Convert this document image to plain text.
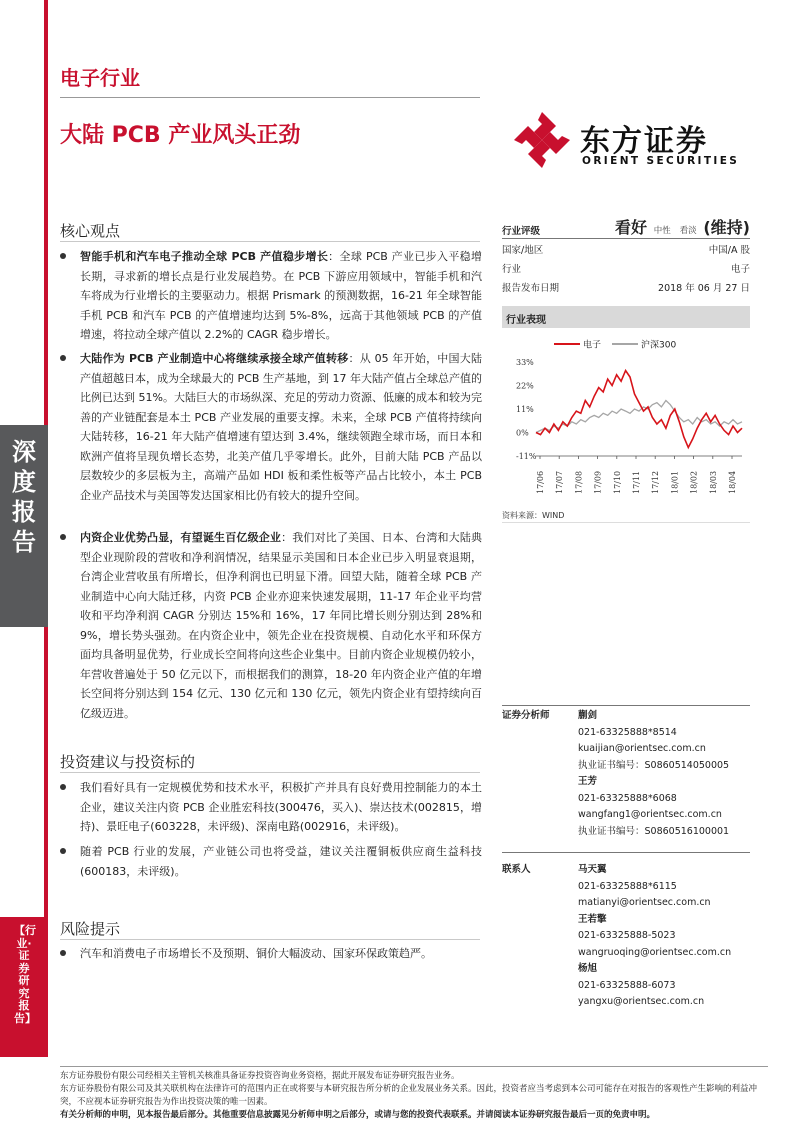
深度报告
【行业·证券研究报告】
电子行业
大陆 PCB 产业风头正劲	东方证券
ORIENT SECURITIES
核心观点
智能手机和汽车电子推动全球 PCB 产值稳步增长：全球 PCB 产业已步入平稳增长期，寻求新的增长点是行业发展趋势。在 PCB 下游应用领域中，智能手机和汽车将成为行业增长的主要驱动力。根据 Prismark 的预测数据，16-21 年全球智能手机 PCB 和汽车 PCB 的产值增速均达到 5%-8%，远高于其他领域 PCB 的产值增速，将拉动全球产值以 2.2%的 CAGR 稳步增长。
大陆作为 PCB 产业制造中心将继续承接全球产值转移：从 05 年开始，中国大陆产值超越日本，成为全球最大的 PCB 生产基地，到 17 年大陆产值占全球总产值的比例已达到 51%。大陆巨大的市场纵深、充足的劳动力资源、低廉的成本和较为完善的产业链配套是本土 PCB 产业发展的重要支撑。未来，全球 PCB 产值将持续向大陆转移，16-21 年大陆产值增速有望达到 3.4%，继续领跑全球市场，而日本和欧洲产值将呈现负增长态势，北美产值几乎零增长。此外，目前大陆 PCB 产品以层数较少的多层板为主，高端产品如 HDI 板和柔性板等产品占比较小，本土 PCB 企业产品技术与美国等发达国家相比仍有较大的提升空间。
内资企业优势凸显，有望诞生百亿级企业：我们对比了美国、日本、台湾和大陆典型企业现阶段的营收和净利润情况，结果显示美国和日本企业已步入明显衰退期，台湾企业营收虽有所增长，但净利润也已明显下滑。回望大陆，随着全球 PCB 产业制造中心向大陆迁移，内资 PCB 企业亦迎来快速发展期，11-17 年企业平均营收和平均净利润 CAGR 分别达 15%和 16%，17 年同比增长则分别达到 28%和 9%，增长势头强劲。在内资企业中，领先企业在投资规模、自动化水平和环保方面均具备明显优势，行业成长空间将向这些企业集中。目前内资企业规模仍较小，年营收普遍处于 50 亿元以下，而根据我们的测算，18-20 年内资企业产值的年增长空间将分别达到 154 亿元、130 亿元和 130 亿元，领先内资企业有望持续向百亿级迈进。
投资建议与投资标的
我们看好具有一定规模优势和技术水平，积极扩产并具有良好费用控制能力的本土企业，建议关注内资 PCB 企业胜宏科技(300476，买入)、崇达技术(002815，增持)、景旺电子(603228，未评级)、深南电路(002916，未评级)。
随着 PCB 行业的发展，产业链公司也将受益，建议关注覆铜板供应商生益科技(600183，未评级)。
风险提示
汽车和消费电子市场增长不及预期、铜价大幅波动、国家环保政策趋严。
行业评级	看好 中性 看淡 (维持)
国家/地区	中国/A 股
行业	电子
报告发布日期	2018 年 06 月 27 日
行业表现
电子	沪深300
33%
22%
11%
0%
-11%
17/06 17/07 17/08 17/09 17/10 17/11 17/12 18/01 18/02 18/03 18/04
资料来源：WIND
证券分析师	蒯剑
021-63325888*8514
kuaijian@orientsec.com.cn
执业证书编号：S0860514050005
王芳
021-63325888*6068
wangfang1@orientsec.com.cn
执业证书编号：S0860516100001
联系人	马天翼
021-63325888*6115
matianyi@orientsec.com.cn
王若擎
021-63325888-5023
wangruoqing@orientsec.com.cn
杨旭
021-63325888-6073
yangxu@orientsec.com.cn
东方证券股份有限公司经相关主管机关核准具备证券投资咨询业务资格，据此开展发布证券研究报告业务。
东方证券股份有限公司及其关联机构在法律许可的范围内正在或将要与本研究报告所分析的企业发展业务关系。因此，投资者应当考虑到本公司可能存在对报告的客观性产生影响的利益冲突，不应视本证券研究报告为作出投资决策的唯一因素。
有关分析师的申明，见本报告最后部分。其他重要信息披露见分析师申明之后部分，或请与您的投资代表联系。并请阅读本证券研究报告最后一页的免责申明。
